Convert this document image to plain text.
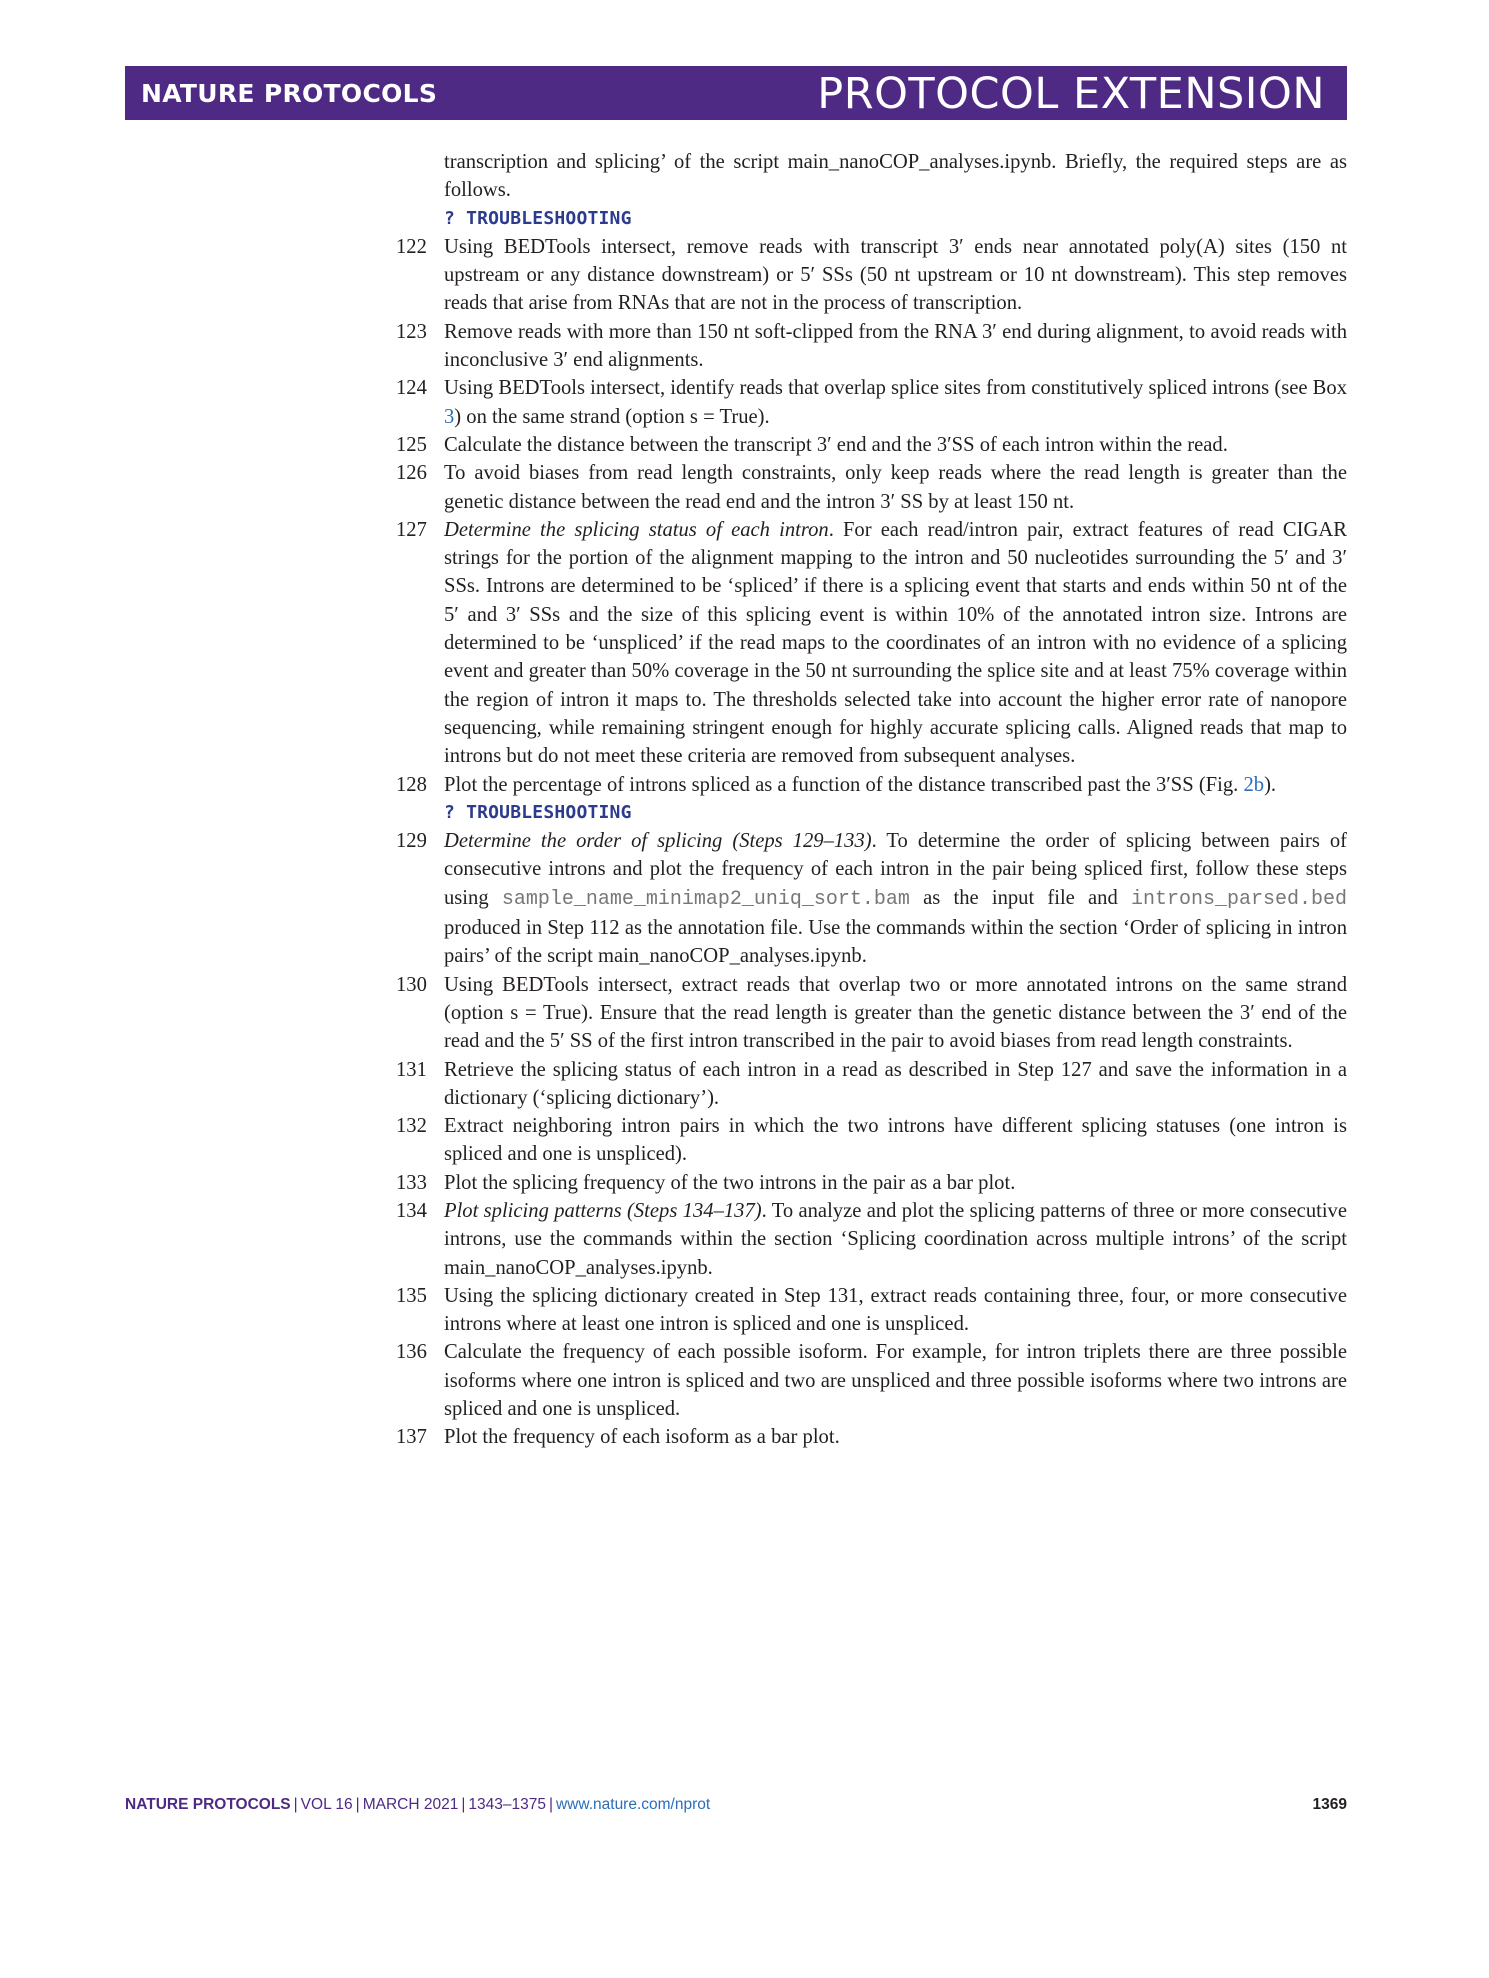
NATURE PROTOCOLS	PROTOCOL EXTENSION
transcription and splicing’ of the script main_nanoCOP_analyses.ipynb. Briefly, the required steps are as follows.
? TROUBLESHOOTING
122 Using BEDTools intersect, remove reads with transcript 3′ ends near annotated poly(A) sites (150 nt upstream or any distance downstream) or 5′ SSs (50 nt upstream or 10 nt downstream). This step removes reads that arise from RNAs that are not in the process of transcription.
123 Remove reads with more than 150 nt soft-clipped from the RNA 3′ end during alignment, to avoid reads with inconclusive 3′ end alignments.
124 Using BEDTools intersect, identify reads that overlap splice sites from constitutively spliced introns (see Box 3) on the same strand (option s = True).
125 Calculate the distance between the transcript 3′ end and the 3′SS of each intron within the read.
126 To avoid biases from read length constraints, only keep reads where the read length is greater than the genetic distance between the read end and the intron 3′ SS by at least 150 nt.
127 Determine the splicing status of each intron. For each read/intron pair, extract features of read CIGAR strings for the portion of the alignment mapping to the intron and 50 nucleotides surrounding the 5′ and 3′ SSs. Introns are determined to be ‘spliced’ if there is a splicing event that starts and ends within 50 nt of the 5′ and 3′ SSs and the size of this splicing event is within 10% of the annotated intron size. Introns are determined to be ‘unspliced’ if the read maps to the coordinates of an intron with no evidence of a splicing event and greater than 50% coverage in the 50 nt surrounding the splice site and at least 75% coverage within the region of intron it maps to. The thresholds selected take into account the higher error rate of nanopore sequencing, while remaining stringent enough for highly accurate splicing calls. Aligned reads that map to introns but do not meet these criteria are removed from subsequent analyses.
128 Plot the percentage of introns spliced as a function of the distance transcribed past the 3′SS (Fig. 2b).
? TROUBLESHOOTING
129 Determine the order of splicing (Steps 129–133). To determine the order of splicing between pairs of consecutive introns and plot the frequency of each intron in the pair being spliced first, follow these steps using sample_name_minimap2_uniq_sort.bam as the input file and introns_parsed.bed produced in Step 112 as the annotation file. Use the commands within the section ‘Order of splicing in intron pairs’ of the script main_nanoCOP_analyses.ipynb.
130 Using BEDTools intersect, extract reads that overlap two or more annotated introns on the same strand (option s = True). Ensure that the read length is greater than the genetic distance between the 3′ end of the read and the 5′ SS of the first intron transcribed in the pair to avoid biases from read length constraints.
131 Retrieve the splicing status of each intron in a read as described in Step 127 and save the information in a dictionary (‘splicing dictionary’).
132 Extract neighboring intron pairs in which the two introns have different splicing statuses (one intron is spliced and one is unspliced).
133 Plot the splicing frequency of the two introns in the pair as a bar plot.
134 Plot splicing patterns (Steps 134–137). To analyze and plot the splicing patterns of three or more consecutive introns, use the commands within the section ‘Splicing coordination across multiple introns’ of the script main_nanoCOP_analyses.ipynb.
135 Using the splicing dictionary created in Step 131, extract reads containing three, four, or more consecutive introns where at least one intron is spliced and one is unspliced.
136 Calculate the frequency of each possible isoform. For example, for intron triplets there are three possible isoforms where one intron is spliced and two are unspliced and three possible isoforms where two introns are spliced and one is unspliced.
137 Plot the frequency of each isoform as a bar plot.
NATURE PROTOCOLS | VOL 16 | MARCH 2021 | 1343–1375 | www.nature.com/nprot	1369
